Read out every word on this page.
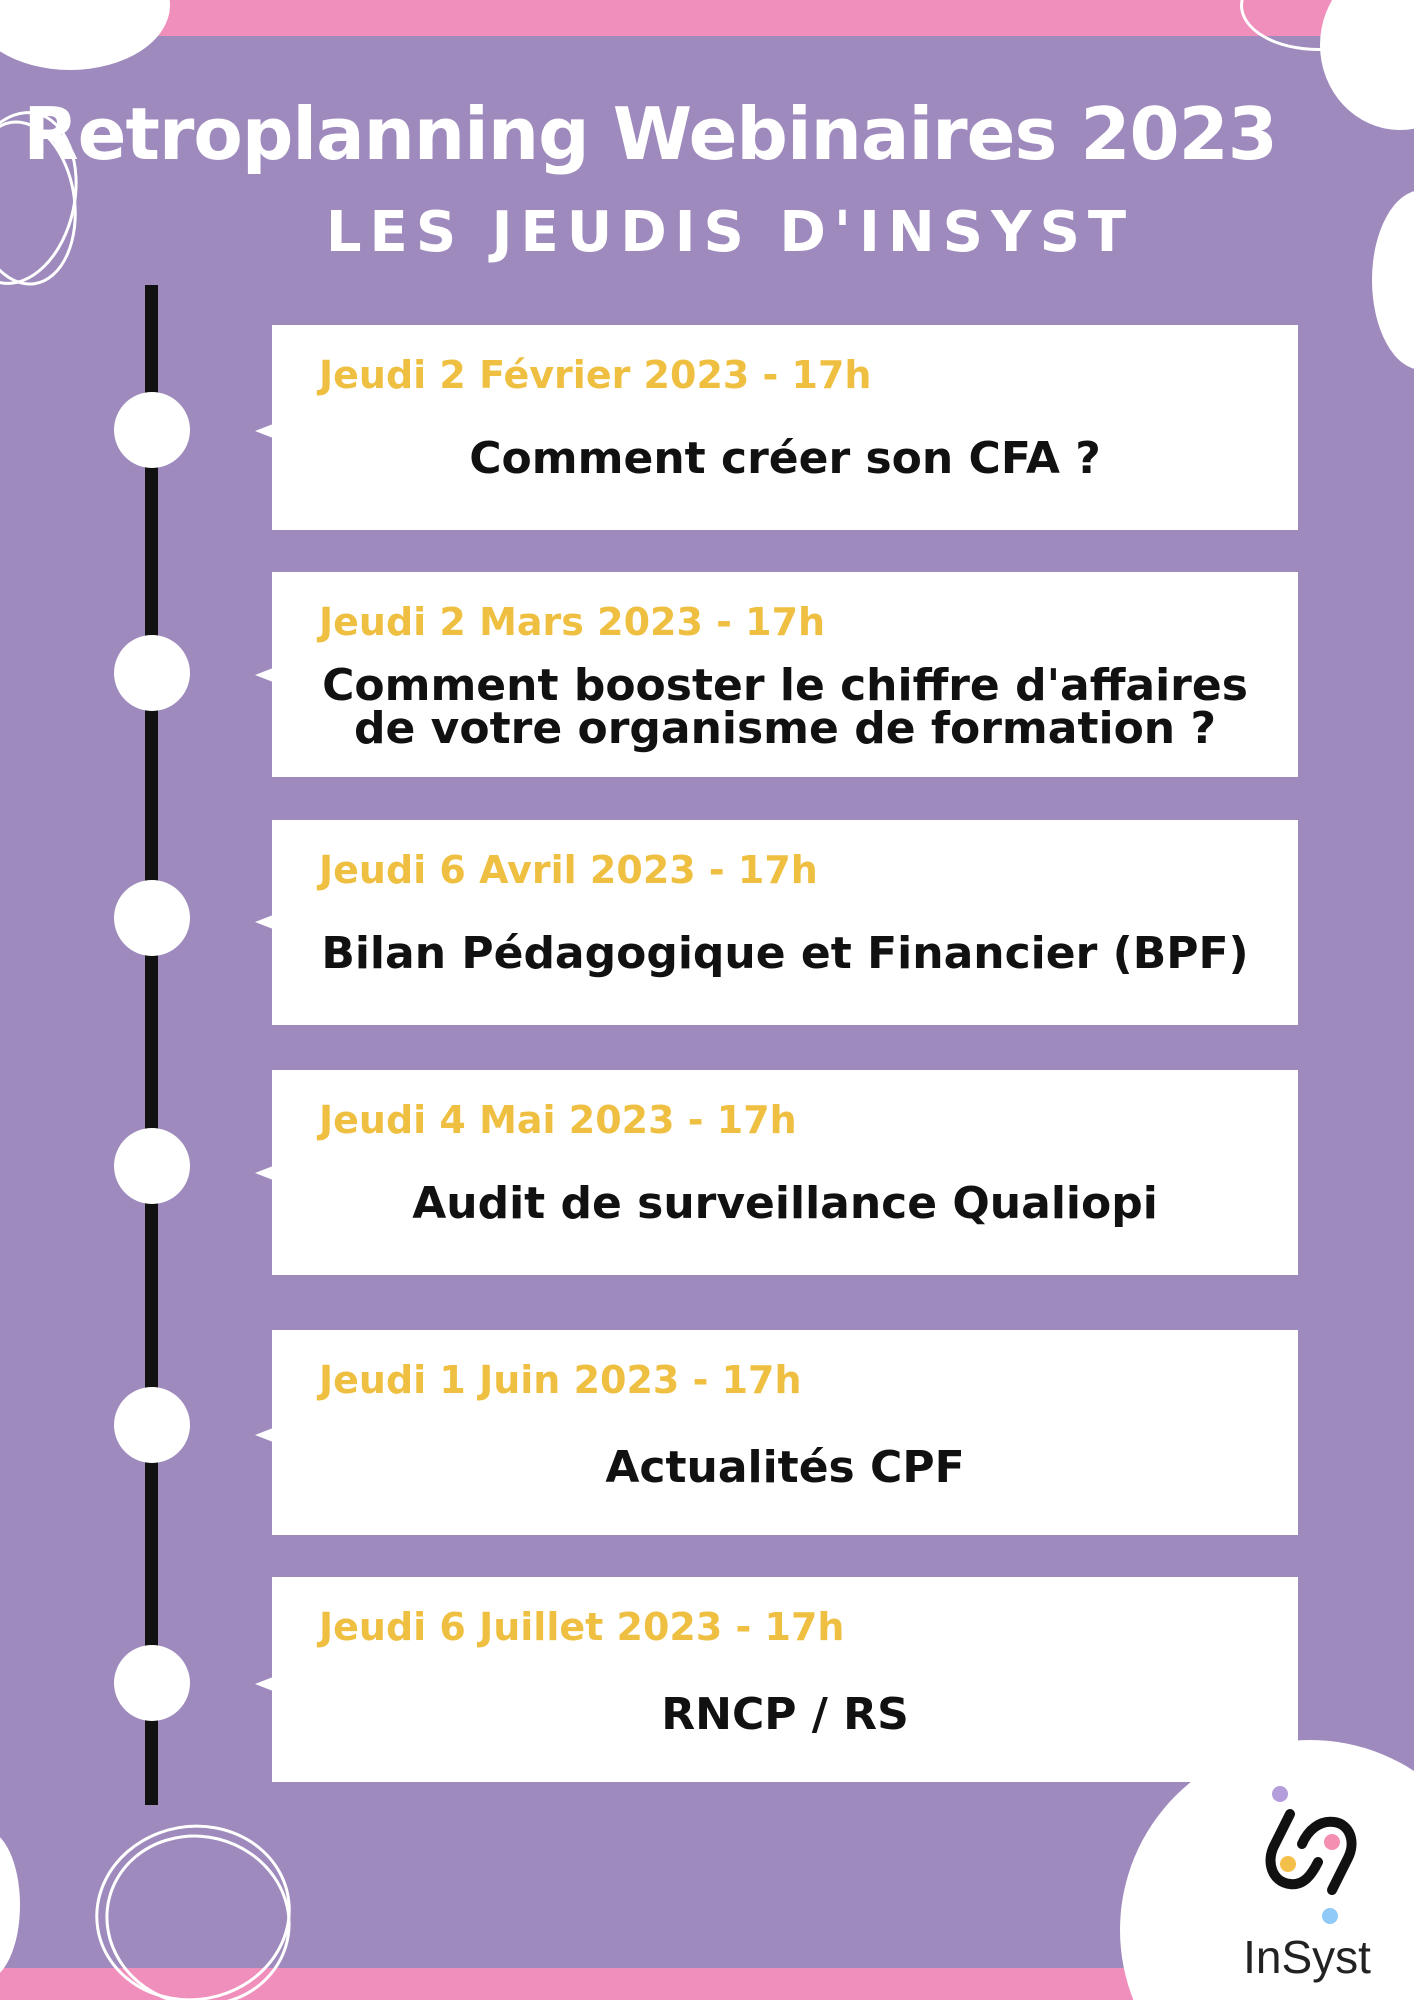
Retroplanning Webinaires 2023
LES JEUDIS D'INSYST
Jeudi 2 Février 2023 - 17h
Comment créer son CFA ?
Jeudi 2 Mars 2023 - 17h
Comment booster le chiffre d'affaires
de votre organisme de formation ?
Jeudi 6 Avril 2023 - 17h
Bilan Pédagogique et Financier (BPF)
Jeudi 4 Mai 2023 - 17h
Audit de surveillance Qualiopi
Jeudi 1 Juin 2023 - 17h
Actualités CPF
Jeudi 6 Juillet 2023 - 17h
RNCP / RS
InSyst
